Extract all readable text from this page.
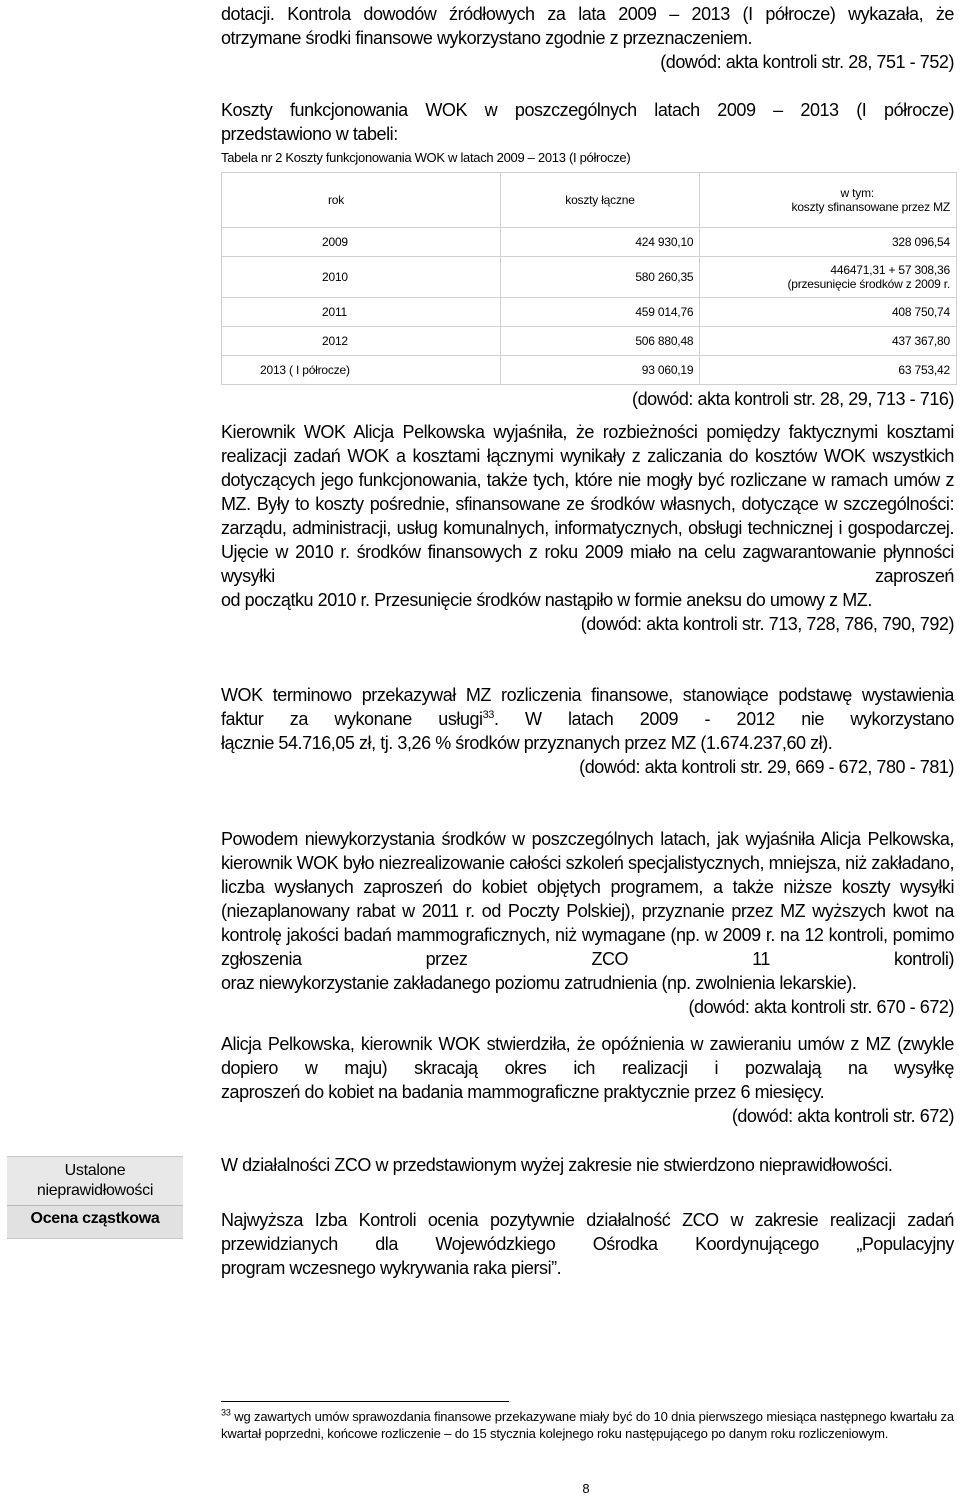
dotacji. Kontrola dowodów źródłowych za lata 2009 – 2013 (I półrocze) wykazała, że

otrzymane środki finansowe wykorzystano zgodnie z przeznaczeniem.

(dowód: akta kontroli str. 28, 751 - 752)

Koszty funkcjonowania WOK w poszczególnych latach 2009 – 2013 (I półrocze)

przedstawiono w tabeli:

Tabela nr 2 Koszty funkcjonowania WOK w latach 2009 – 2013 (I półrocze)

rok	koszty łączne	w tym:
koszty sfinansowane przez MZ

2009	424 930,10	328 096,54
2010	580 260,35	446471,31 + 57 308,36
(przesunięcie środków z 2009 r.

2011	459 014,76	408 750,74
2012	506 880,48	437 367,80
2013 ( I półrocze)	93 060,19	63 753,42

(dowód: akta kontroli str. 28, 29, 713 - 716)

Kierownik WOK Alicja Pelkowska wyjaśniła, że rozbieżności pomiędzy faktycznymi kosztami realizacji zadań WOK a kosztami łącznymi wynikały z zaliczania do kosztów WOK wszystkich dotyczących jego funkcjonowania, także tych, które nie mogły być rozliczane w ramach umów z MZ. Były to koszty pośrednie, sfinansowane ze środków własnych, dotyczące w szczególności: zarządu, administracji, usług komunalnych, informatycznych, obsługi technicznej i gospodarczej. Ujęcie w 2010 r. środków finansowych z roku 2009 miało na celu zagwarantowanie płynności wysyłki zaproszeń

od początku 2010 r. Przesunięcie środków nastąpiło w formie aneksu do umowy z MZ.

(dowód: akta kontroli str. 713, 728, 786, 790, 792)

WOK terminowo przekazywał MZ rozliczenia finansowe, stanowiące podstawę wystawienia faktur za wykonane usługi$^{33}$. W latach 2009 - 2012 nie wykorzystano

łącznie 54.716,05 zł, tj. 3,26 % środków przyznanych przez MZ (1.674.237,60 zł).

(dowód: akta kontroli str. 29, 669 - 672, 780 - 781)

Powodem niewykorzystania środków w poszczególnych latach, jak wyjaśniła Alicja Pelkowska, kierownik WOK było niezrealizowanie całości szkoleń specjalistycznych, mniejsza, niż zakładano, liczba wysłanych zaproszeń do kobiet objętych programem, a także niższe koszty wysyłki (niezaplanowany rabat w 2011 r. od Poczty Polskiej), przyznanie przez MZ wyższych kwot na kontrolę jakości badań mammograficznych, niż wymagane (np. w 2009 r. na 12 kontroli, pomimo zgłoszenia przez ZCO 11 kontroli)

oraz niewykorzystanie zakładanego poziomu zatrudnienia (np. zwolnienia lekarskie).

(dowód: akta kontroli str. 670 - 672)

Alicja Pelkowska, kierownik WOK stwierdziła, że opóźnienia w zawieraniu umów z MZ (zwykle dopiero w maju) skracają okres ich realizacji i pozwalają na wysyłkę

zaproszeń do kobiet na badania mammograficzne praktycznie przez 6 miesięcy.

(dowód: akta kontroli str. 672)

W działalności ZCO w przedstawionym wyżej zakresie nie stwierdzono nieprawidłowości.

Najwyższa Izba Kontroli ocenia pozytywnie działalność ZCO w zakresie realizacji zadań przewidzianych dla Wojewódzkiego Ośrodka Koordynującego „Populacyjny

program wczesnego wykrywania raka piersi”.

Ustalone
nieprawidłowości
Ocena cząstkowa

$^{33}$ wg zawartych umów sprawozdania finansowe przekazywane miały być do 10 dnia pierwszego miesiąca następnego kwartału za kwartał poprzedni, końcowe rozliczenie – do 15 stycznia kolejnego roku następującego po danym roku rozliczeniowym.

8
